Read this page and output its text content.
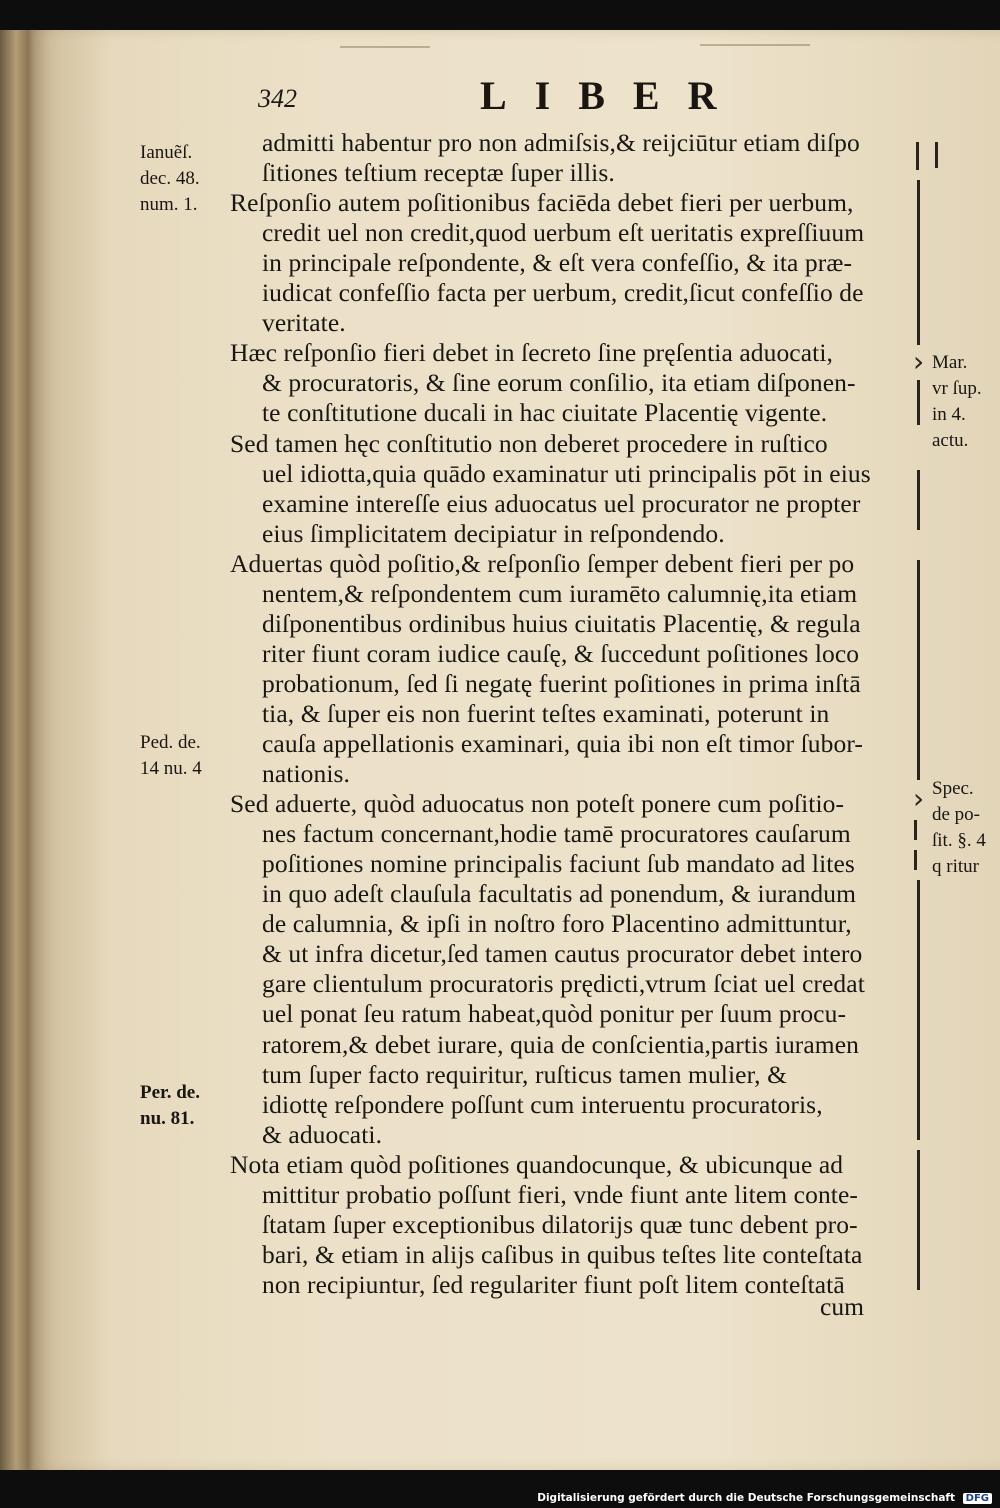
342	LIBER
admitti habentur pro non admiſsis,& reijciūtur etiam diſpo
ſitiones teſtium receptæ ſuper illis.
Reſponſio autem poſitionibus faciēda debet fieri per uerbum,
credit uel non credit,quod uerbum eſt ueritatis expreſſiuum
in principale reſpondente, & eſt vera confeſſio, & ita præ-
iudicat confeſſio facta per uerbum, credit,ſicut confeſſio de
veritate.
Hæc reſponſio fieri debet in ſecreto ſine pręſentia aduocati,
& procuratoris, & ſine eorum conſilio, ita etiam diſponen-
te conſtitutione ducali in hac ciuitate Placentię vigente.
Sed tamen hęc conſtitutio non deberet procedere in ruſtico
uel idiotta,quia quādo examinatur uti principalis pōt in eius
examine intereſſe eius aduocatus uel procurator ne propter
eius ſimplicitatem decipiatur in reſpondendo.
Aduertas quòd poſitio,& reſponſio ſemper debent fieri per po
nentem,& reſpondentem cum iuramēto calumnię,ita etiam
diſponentibus ordinibus huius ciuitatis Placentię, & regula
riter fiunt coram iudice cauſę, & ſuccedunt poſitiones loco
probationum, ſed ſi negatę fuerint poſitiones in prima inſtā
tia, & ſuper eis non fuerint teſtes examinati, poterunt in
cauſa appellationis examinari, quia ibi non eſt timor ſubor-
nationis.
Sed aduerte, quòd aduocatus non poteſt ponere cum poſitio-
nes factum concernant,hodie tamē procuratores cauſarum
poſitiones nomine principalis faciunt ſub mandato ad lites
in quo adeſt clauſula facultatis ad ponendum, & iurandum
de calumnia, & ipſi in noſtro foro Placentino admittuntur,
& ut infra dicetur,ſed tamen cautus procurator debet intero
gare clientulum procuratoris prędicti,vtrum ſciat uel credat
uel ponat ſeu ratum habeat,quòd ponitur per ſuum procu-
ratorem,& debet iurare, quia de conſcientia,partis iuramen
tum ſuper facto requiritur, ruſticus tamen mulier, &
idiottę reſpondere poſſunt cum interuentu procuratoris,
& aduocati.
Nota etiam quòd poſitiones quandocunque, & ubicunque ad
mittitur probatio poſſunt fieri, vnde fiunt ante litem conte-
ſtatam ſuper exceptionibus dilatorijs quæ tunc debent pro-
bari, & etiam in alijs caſibus in quibus teſtes lite conteſtata
non recipiuntur, ſed regulariter fiunt poſt litem conteſtatā
Ianuẽſ.
dec. 48.
num. 1.
Ped. de.
14 nu. 4
Per. de.
nu. 81.
Mar.
vr ſup.
in 4.
actu.
Spec.
de po-
ſit. §. 4
q ritur
›
›
cum
Digitalisierung gefördert durch die Deutsche Forschungsgemeinschaft DFG
